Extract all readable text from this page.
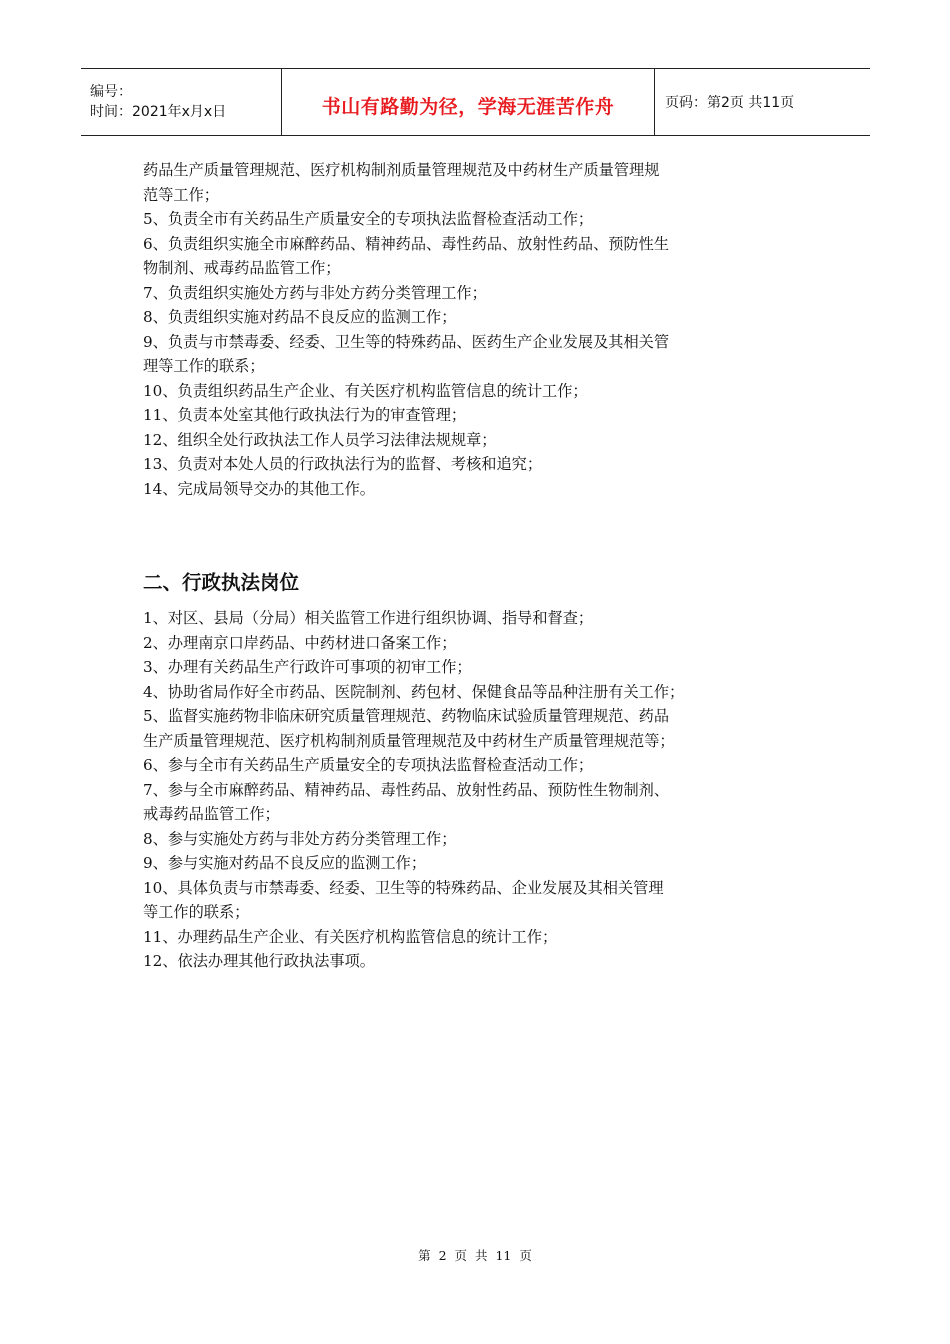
编号：
时间：2021年x月x日	书山有路勤为径，学海无涯苦作舟	页码：第2页 共11页
药品生产质量管理规范、医疗机构制剂质量管理规范及中药材生产质量管理规
范等工作；
5、负责全市有关药品生产质量安全的专项执法监督检查活动工作；
6、负责组织实施全市麻醉药品、精神药品、毒性药品、放射性药品、预防性生
物制剂、戒毒药品监管工作；
7、负责组织实施处方药与非处方药分类管理工作；
8、负责组织实施对药品不良反应的监测工作；
9、负责与市禁毒委、经委、卫生等的特殊药品、医药生产企业发展及其相关管
理等工作的联系；
10、负责组织药品生产企业、有关医疗机构监管信息的统计工作；
11、负责本处室其他行政执法行为的审查管理；
12、组织全处行政执法工作人员学习法律法规规章；
13、负责对本处人员的行政执法行为的监督、考核和追究；
14、完成局领导交办的其他工作。
二、行政执法岗位
1、对区、县局（分局）相关监管工作进行组织协调、指导和督查；
2、办理南京口岸药品、中药材进口备案工作；
3、办理有关药品生产行政许可事项的初审工作；
4、协助省局作好全市药品、医院制剂、药包材、保健食品等品种注册有关工作；
5、监督实施药物非临床研究质量管理规范、药物临床试验质量管理规范、药品
生产质量管理规范、医疗机构制剂质量管理规范及中药材生产质量管理规范等；
6、参与全市有关药品生产质量安全的专项执法监督检查活动工作；
7、参与全市麻醉药品、精神药品、毒性药品、放射性药品、预防性生物制剂、
戒毒药品监管工作；
8、参与实施处方药与非处方药分类管理工作；
9、参与实施对药品不良反应的监测工作；
10、具体负责与市禁毒委、经委、卫生等的特殊药品、企业发展及其相关管理
等工作的联系；
11、办理药品生产企业、有关医疗机构监管信息的统计工作；
12、依法办理其他行政执法事项。
第 2 页 共 11 页
